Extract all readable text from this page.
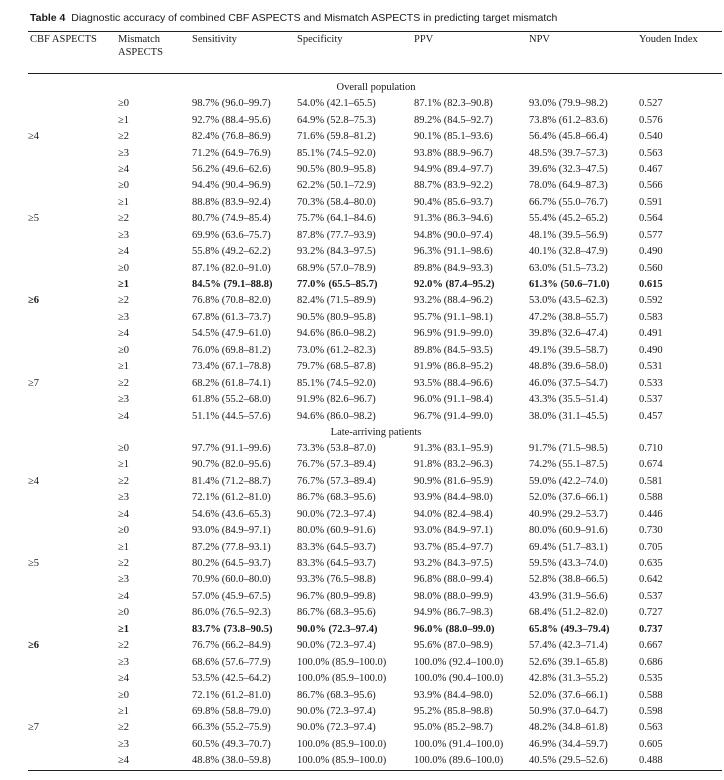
Table 4 Diagnostic accuracy of combined CBF ASPECTS and Mismatch ASPECTS in predicting target mismatch
CBF ASPECTS	Mismatch
ASPECTS	Sensitivity	Specificity	PPV	NPV	Youden Index
Overall population						
	≥0	98.7% (96.0–99.7)	54.0% (42.1–65.5)	87.1% (82.3–90.8)	93.0% (79.9–98.2)	0.527
	≥1	92.7% (88.4–95.6)	64.9% (52.8–75.3)	89.2% (84.5–92.7)	73.8% (61.2–83.6)	0.576
≥4	≥2	82.4% (76.8–86.9)	71.6% (59.8–81.2)	90.1% (85.1–93.6)	56.4% (45.8–66.4)	0.540
	≥3	71.2% (64.9–76.9)	85.1% (74.5–92.0)	93.8% (88.9–96.7)	48.5% (39.7–57.3)	0.563
	≥4	56.2% (49.6–62.6)	90.5% (80.9–95.8)	94.9% (89.4–97.7)	39.6% (32.3–47.5)	0.467
	≥0	94.4% (90.4–96.9)	62.2% (50.1–72.9)	88.7% (83.9–92.2)	78.0% (64.9–87.3)	0.566
	≥1	88.8% (83.9–92.4)	70.3% (58.4–80.0)	90.4% (85.6–93.7)	66.7% (55.0–76.7)	0.591
≥5	≥2	80.7% (74.9–85.4)	75.7% (64.1–84.6)	91.3% (86.3–94.6)	55.4% (45.2–65.2)	0.564
	≥3	69.9% (63.6–75.7)	87.8% (77.7–93.9)	94.8% (90.0–97.4)	48.1% (39.5–56.9)	0.577
	≥4	55.8% (49.2–62.2)	93.2% (84.3–97.5)	96.3% (91.1–98.6)	40.1% (32.8–47.9)	0.490
	≥0	87.1% (82.0–91.0)	68.9% (57.0–78.9)	89.8% (84.9–93.3)	63.0% (51.5–73.2)	0.560
	≥1	84.5% (79.1–88.8)	77.0% (65.5–85.7)	92.0% (87.4–95.2)	61.3% (50.6–71.0)	0.615
≥6	≥2	76.8% (70.8–82.0)	82.4% (71.5–89.9)	93.2% (88.4–96.2)	53.0% (43.5–62.3)	0.592
	≥3	67.8% (61.3–73.7)	90.5% (80.9–95.8)	95.7% (91.1–98.1)	47.2% (38.8–55.7)	0.583
	≥4	54.5% (47.9–61.0)	94.6% (86.0–98.2)	96.9% (91.9–99.0)	39.8% (32.6–47.4)	0.491
	≥0	76.0% (69.8–81.2)	73.0% (61.2–82.3)	89.8% (84.5–93.5)	49.1% (39.5–58.7)	0.490
	≥1	73.4% (67.1–78.8)	79.7% (68.5–87.8)	91.9% (86.8–95.2)	48.8% (39.6–58.0)	0.531
≥7	≥2	68.2% (61.8–74.1)	85.1% (74.5–92.0)	93.5% (88.4–96.6)	46.0% (37.5–54.7)	0.533
	≥3	61.8% (55.2–68.0)	91.9% (82.6–96.7)	96.0% (91.1–98.4)	43.3% (35.5–51.4)	0.537
	≥4	51.1% (44.5–57.6)	94.6% (86.0–98.2)	96.7% (91.4–99.0)	38.0% (31.1–45.5)	0.457
Late-arriving patients						
	≥0	97.7% (91.1–99.6)	73.3% (53.8–87.0)	91.3% (83.1–95.9)	91.7% (71.5–98.5)	0.710
	≥1	90.7% (82.0–95.6)	76.7% (57.3–89.4)	91.8% (83.2–96.3)	74.2% (55.1–87.5)	0.674
≥4	≥2	81.4% (71.2–88.7)	76.7% (57.3–89.4)	90.9% (81.6–95.9)	59.0% (42.2–74.0)	0.581
	≥3	72.1% (61.2–81.0)	86.7% (68.3–95.6)	93.9% (84.4–98.0)	52.0% (37.6–66.1)	0.588
	≥4	54.6% (43.6–65.3)	90.0% (72.3–97.4)	94.0% (82.4–98.4)	40.9% (29.2–53.7)	0.446
	≥0	93.0% (84.9–97.1)	80.0% (60.9–91.6)	93.0% (84.9–97.1)	80.0% (60.9–91.6)	0.730
	≥1	87.2% (77.8–93.1)	83.3% (64.5–93.7)	93.7% (85.4–97.7)	69.4% (51.7–83.1)	0.705
≥5	≥2	80.2% (64.5–93.7)	83.3% (64.5–93.7)	93.2% (84.3–97.5)	59.5% (43.3–74.0)	0.635
	≥3	70.9% (60.0–80.0)	93.3% (76.5–98.8)	96.8% (88.0–99.4)	52.8% (38.8–66.5)	0.642
	≥4	57.0% (45.9–67.5)	96.7% (80.9–99.8)	98.0% (88.0–99.9)	43.9% (31.9–56.6)	0.537
	≥0	86.0% (76.5–92.3)	86.7% (68.3–95.6)	94.9% (86.7–98.3)	68.4% (51.2–82.0)	0.727
	≥1	83.7% (73.8–90.5)	90.0% (72.3–97.4)	96.0% (88.0–99.0)	65.8% (49.3–79.4)	0.737
≥6	≥2	76.7% (66.2–84.9)	90.0% (72.3–97.4)	95.6% (87.0–98.9)	57.4% (42.3–71.4)	0.667
	≥3	68.6% (57.6–77.9)	100.0% (85.9–100.0)	100.0% (92.4–100.0)	52.6% (39.1–65.8)	0.686
	≥4	53.5% (42.5–64.2)	100.0% (85.9–100.0)	100.0% (90.4–100.0)	42.8% (31.3–55.2)	0.535
	≥0	72.1% (61.2–81.0)	86.7% (68.3–95.6)	93.9% (84.4–98.0)	52.0% (37.6–66.1)	0.588
	≥1	69.8% (58.8–79.0)	90.0% (72.3–97.4)	95.2% (85.8–98.8)	50.9% (37.0–64.7)	0.598
≥7	≥2	66.3% (55.2–75.9)	90.0% (72.3–97.4)	95.0% (85.2–98.7)	48.2% (34.8–61.8)	0.563
	≥3	60.5% (49.3–70.7)	100.0% (85.9–100.0)	100.0% (91.4–100.0)	46.9% (34.4–59.7)	0.605
	≥4	48.8% (38.0–59.8)	100.0% (85.9–100.0)	100.0% (89.6–100.0)	40.5% (29.5–52.6)	0.488
